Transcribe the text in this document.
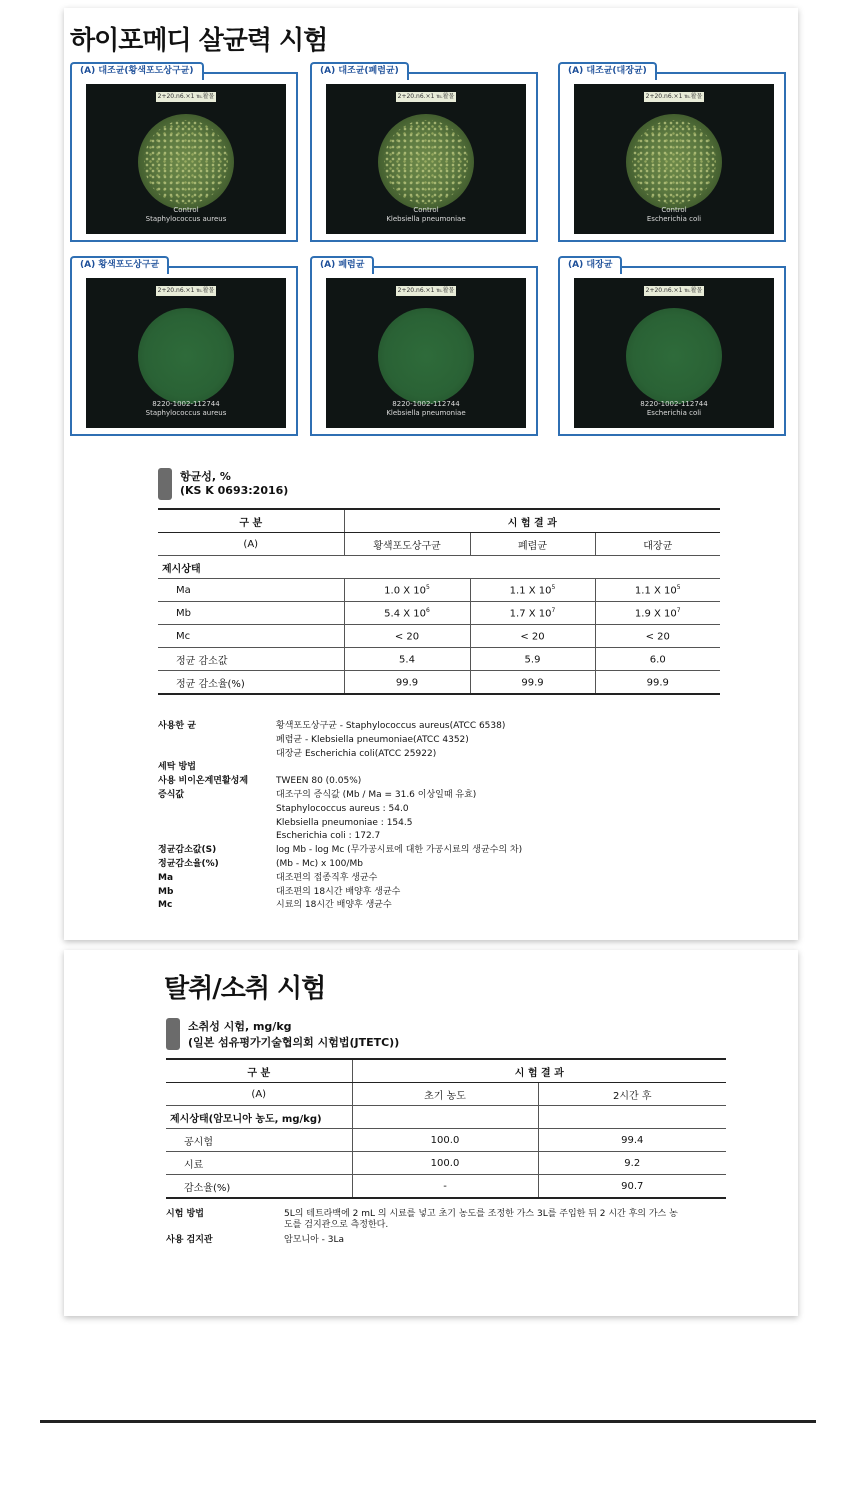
하이포메디 살균력 시험
(A) 대조균(황색포도상구균)
2+20.n6.×1 ℡활물
Control
Staphylococcus aureus
(A) 대조균(폐렴균)
2+20.n6.×1 ℡활물
Control
Klebsiella pneumoniae
(A) 대조균(대장균)
2+20.n6.×1 ℡활물
Control
Escherichia coli
(A) 황색포도상구균
2+20.n6.×1 ℡활물
8220-1002-112744
Staphylococcus aureus
(A) 폐렴균
2+20.n6.×1 ℡활물
8220-1002-112744
Klebsiella pneumoniae
(A) 대장균
2+20.n6.×1 ℡활물
8220-1002-112744
Escherichia coli
항균성, %
(KS K 0693:2016)
구 분	시 험 결 과		
(A)	황색포도상구균	폐렴균	대장균
제시상태			
Ma	1.0 X $10^5$	1.1 X $10^5$	1.1 X $10^5$
Mb	5.4 X $10^6$	1.7 X $10^7$	1.9 X $10^7$
Mc	< 20	< 20	< 20
정균 감소값	5.4	5.9	6.0
정균 감소율(%)	99.9	99.9	99.9
사용한 균	황색포도상구균 - Staphylococcus aureus(ATCC 6538)
폐렴균 - Klebsiella pneumoniae(ATCC 4352)
대장균 Escherichia coli(ATCC 25922)
세탁 방법
사용 비이온계면활성제	TWEEN 80 (0.05%)
증식값	대조구의 증식값 (Mb / Ma = 31.6 이상일때 유효)
Staphylococcus aureus : 54.0
Klebsiella pneumoniae : 154.5
Escherichia coli : 172.7
정균감소값(S)	log Mb - log Mc (무가공시료에 대한 가공시료의 생균수의 차)
정균감소율(%)	(Mb - Mc) x 100/Mb
Ma	대조편의 접종직후 생균수
Mb	대조편의 18시간 배양후 생균수
Mc	시료의 18시간 배양후 생균수
탈취/소취 시험
소취성 시험, mg/kg
(일본 섬유평가기술협의회 시험법(JTETC))
구 분	시 험 결 과	
(A)	초기 농도	2시간 후
제시상태(암모니아 농도, mg/kg)		
공시험	100.0	99.4
시료	100.0	9.2
감소율(%)	-	90.7
시험 방법	5L의 테트라백에 2 mL 의 시료를 넣고 초기 농도를 조정한 가스 3L를 주입한 뒤 2 시간 후의 가스 농
도를 검지관으로 측정한다.
사용 검지관	암모니아 - 3La
